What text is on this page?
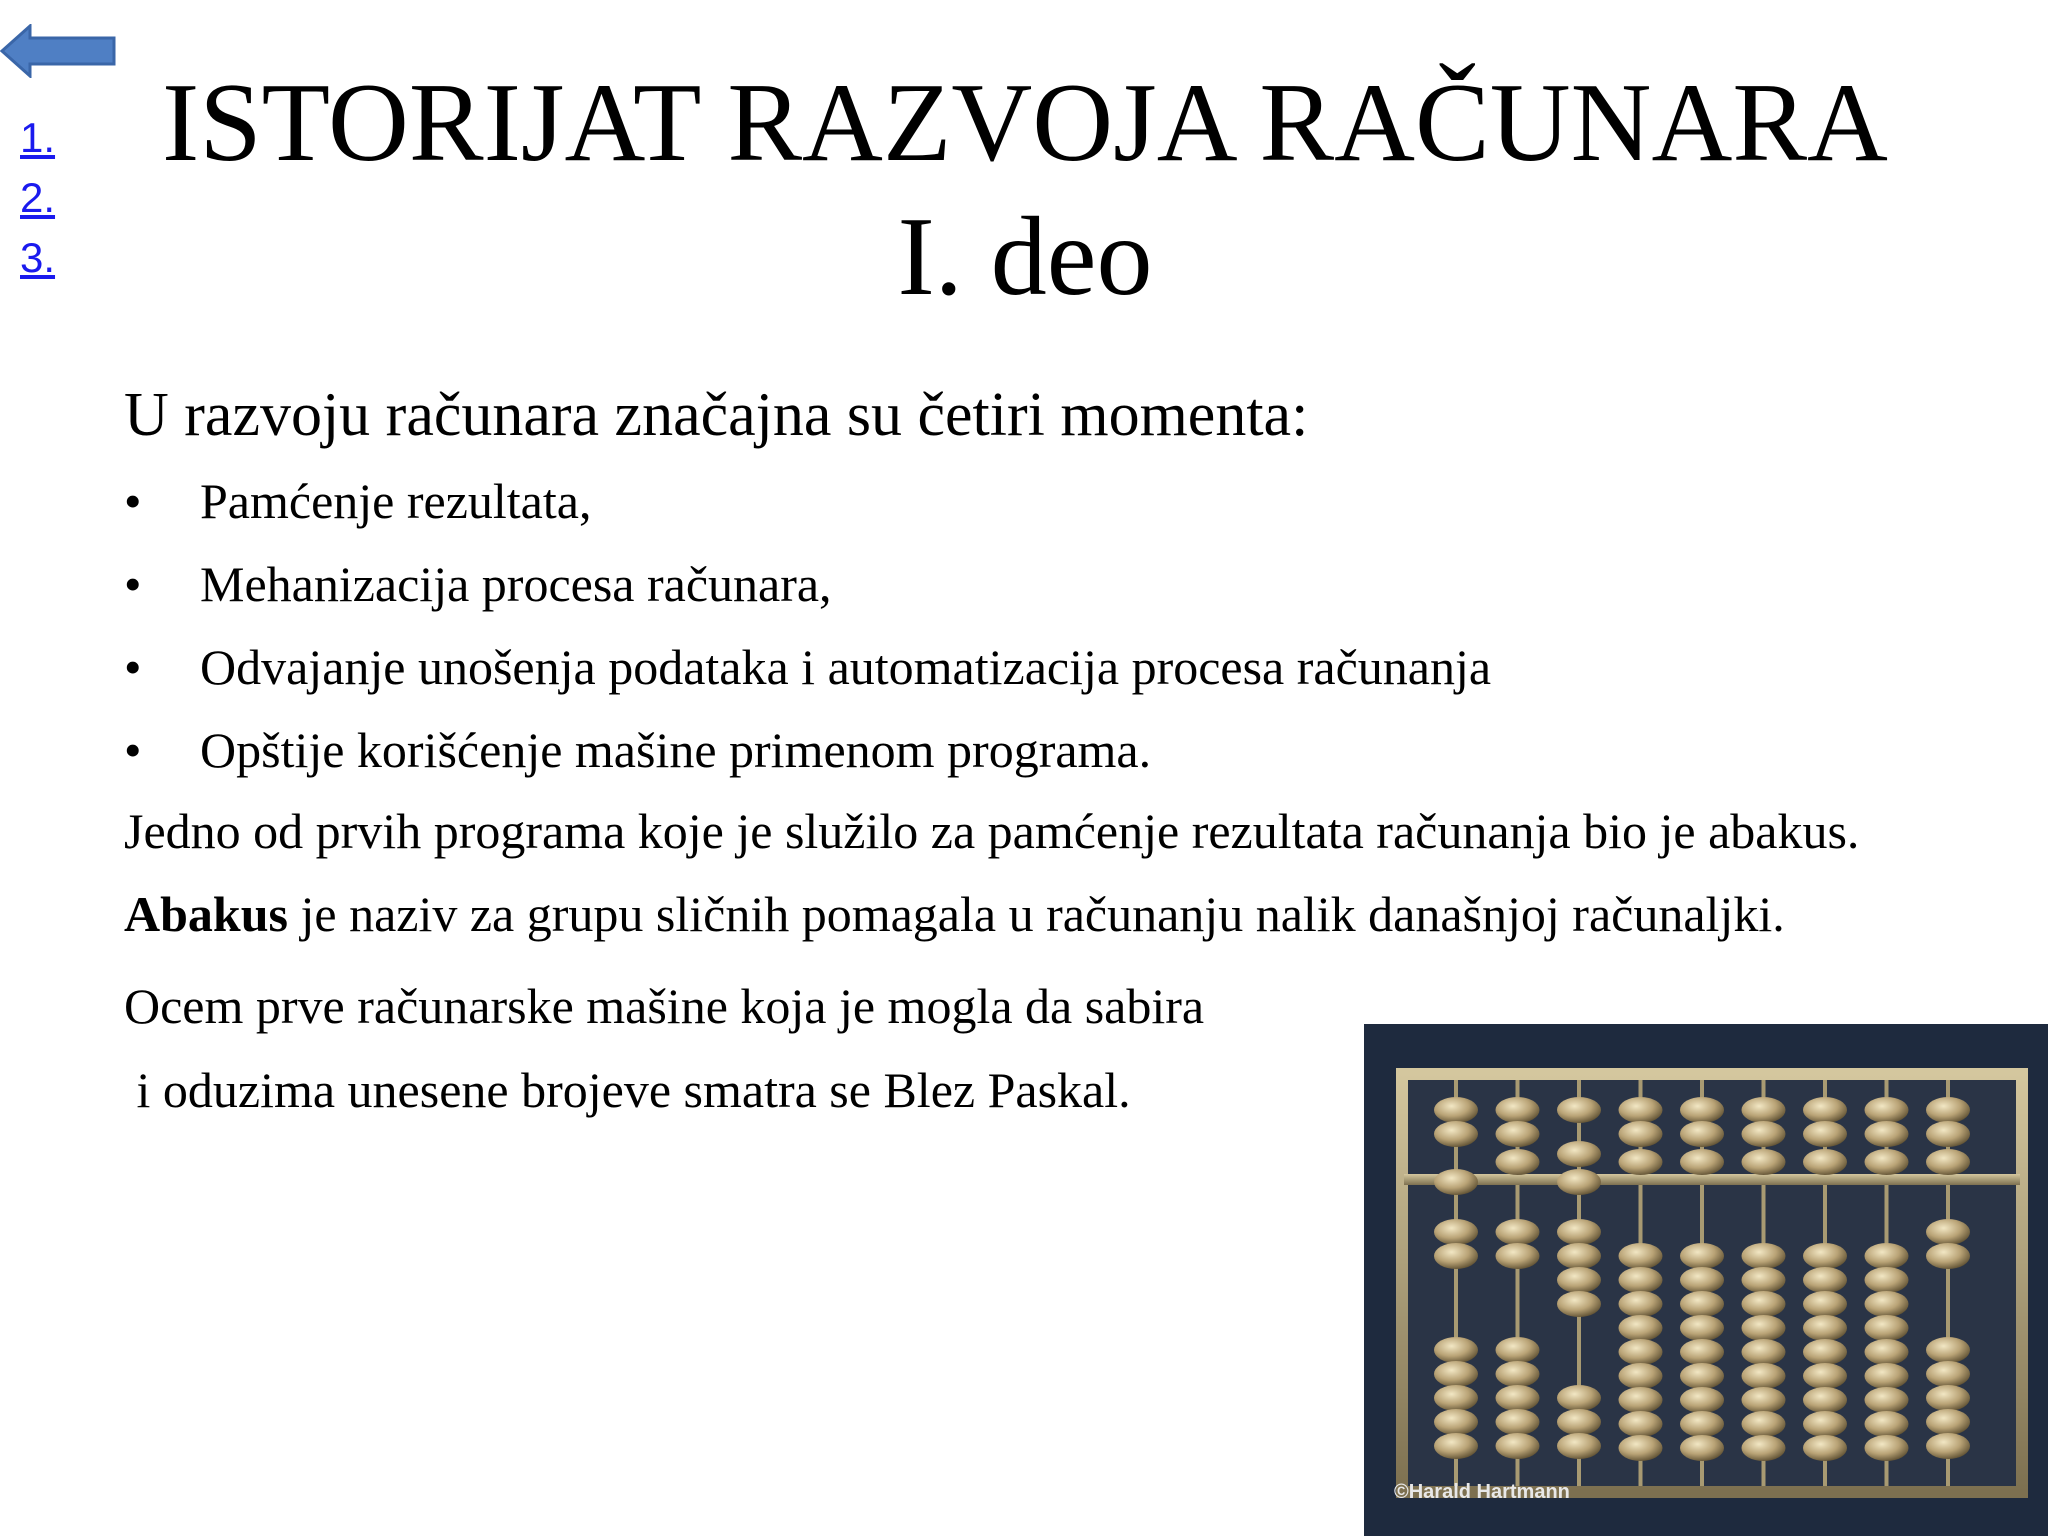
1.
2.
3.
ISTORIJAT RAZVOJA RAČUNARA
I. deo

U razvoju računara značajna su četiri momenta:

• Pamćenje rezultata,
• Mehanizacija procesa računara,
• Odvajanje unošenja podataka i automatizacija procesa računanja
• Opštije korišćenje mašine primenom programa.

Jedno od prvih programa koje je služilo za pamćenje rezultata računanja bio je abakus.

Abakus je naziv za grupu sličnih pomagala u računanju nalik današnjoj računaljki.

Ocem prve računarske mašine koja je mogla da sabira

i oduzima unesene brojeve smatra se Blez Paskal.

©Harald Hartmann
